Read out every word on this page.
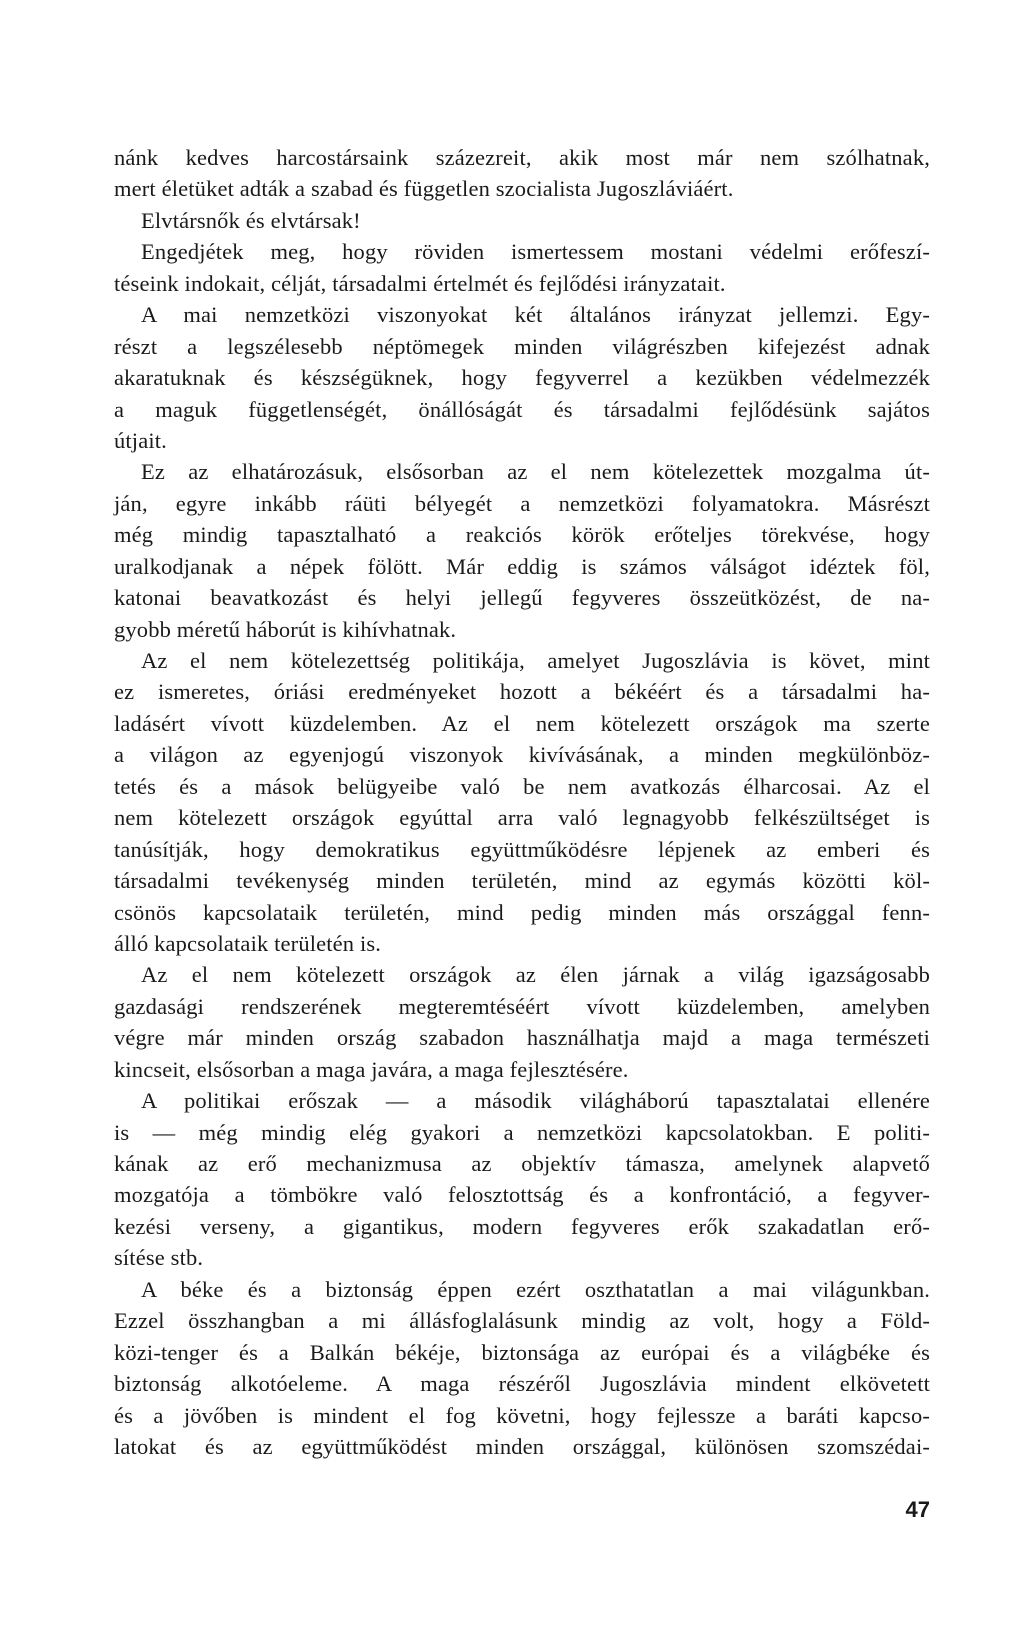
nánk kedves harcostársaink százezreit, akik most már nem szólhatnak,
mert életüket adták a szabad és független szocialista Jugoszláviáért.
Elvtársnők és elvtársak!
Engedjétek meg, hogy röviden ismertessem mostani védelmi erőfeszí-
téseink indokait, célját, társadalmi értelmét és fejlődési irányzatait.
A mai nemzetközi viszonyokat két általános irányzat jellemzi. Egy-
részt a legszélesebb néptömegek minden világrészben kifejezést adnak
akaratuknak és készségüknek, hogy fegyverrel a kezükben védelmezzék
a maguk függetlenségét, önállóságát és társadalmi fejlődésünk sajátos
útjait.
Ez az elhatározásuk, elsősorban az el nem kötelezettek mozgalma út-
ján, egyre inkább ráüti bélyegét a nemzetközi folyamatokra. Másrészt
még mindig tapasztalható a reakciós körök erőteljes törekvése, hogy
uralkodjanak a népek fölött. Már eddig is számos válságot idéztek föl,
katonai beavatkozást és helyi jellegű fegyveres összeütközést, de na-
gyobb méretű háborút is kihívhatnak.
Az el nem kötelezettség politikája, amelyet Jugoszlávia is követ, mint
ez ismeretes, óriási eredményeket hozott a békéért és a társadalmi ha-
ladásért vívott küzdelemben. Az el nem kötelezett országok ma szerte
a világon az egyenjogú viszonyok kivívásának, a minden megkülönböz-
tetés és a mások belügyeibe való be nem avatkozás élharcosai. Az el
nem kötelezett országok egyúttal arra való legnagyobb felkészültséget is
tanúsítják, hogy demokratikus együttműködésre lépjenek az emberi és
társadalmi tevékenység minden területén, mind az egymás közötti köl-
csönös kapcsolataik területén, mind pedig minden más országgal fenn-
álló kapcsolataik területén is.
Az el nem kötelezett országok az élen járnak a világ igazságosabb
gazdasági rendszerének megteremtéséért vívott küzdelemben, amelyben
végre már minden ország szabadon használhatja majd a maga természeti
kincseit, elsősorban a maga javára, a maga fejlesztésére.
A politikai erőszak — a második világháború tapasztalatai ellenére
is — még mindig elég gyakori a nemzetközi kapcsolatokban. E politi-
kának az erő mechanizmusa az objektív támasza, amelynek alapvető
mozgatója a tömbökre való felosztottság és a konfrontáció, a fegyver-
kezési verseny, a gigantikus, modern fegyveres erők szakadatlan erő-
sítése stb.
A béke és a biztonság éppen ezért oszthatatlan a mai világunkban.
Ezzel összhangban a mi állásfoglalásunk mindig az volt, hogy a Föld-
közi-tenger és a Balkán békéje, biztonsága az európai és a világbéke és
biztonság alkotóeleme. A maga részéről Jugoszlávia mindent elkövetett
és a jövőben is mindent el fog követni, hogy fejlessze a baráti kapcso-
latokat és az együttműködést minden országgal, különösen szomszédai-
47
